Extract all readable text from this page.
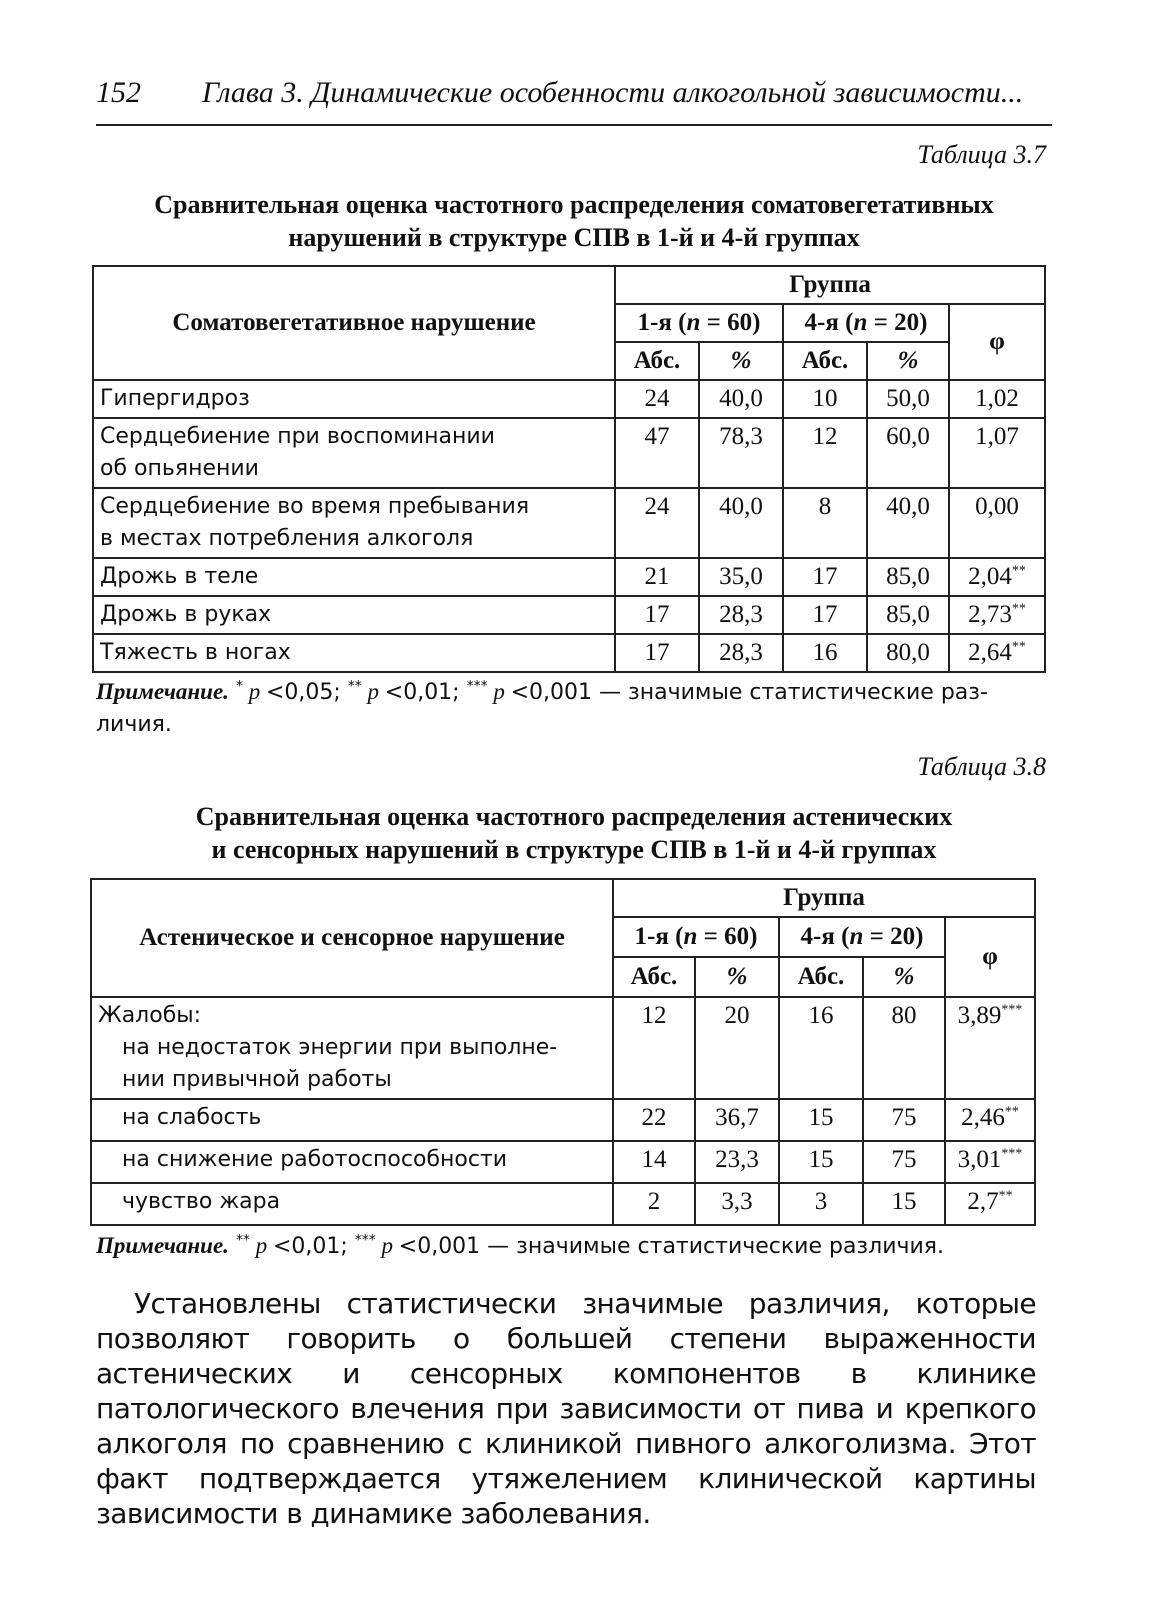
152 Глава 3. Динамические особенности алкогольной зависимости...
Таблица 3.7
Сравнительная оценка частотного распределения соматовегетативных
нарушений в структуре СПВ в 1-й и 4-й группах
Соматовегетативное нарушение	Группа				
	1-я (n = 60)		4-я (n = 20)		φ
	Абс.	%	Абс.	%	
Гипергидроз	24	40,0	10	50,0	1,02

Сердцебиение при воспоминании
об опьянении	47	78,3	12	60,0	1,07

Сердцебиение во время пребывания
в местах потребления алкоголя	24	40,0	8	40,0	0,00
Дрожь в теле	21	35,0	17	85,0	2,04**
Дрожь в руках	17	28,3	17	85,0	2,73**
Тяжесть в ногах	17	28,3	16	80,0	2,64**
Примечание. * p <0,05; ** p <0,01; *** p <0,001 — значимые статистические раз-
личия.
Таблица 3.8
Сравнительная оценка частотного распределения астенических
и сенсорных нарушений в структуре СПВ в 1-й и 4-й группах
Астеническое и сенсорное нарушение	Группа				
	1-я (n = 60)		4-я (n = 20)		φ
	Абс.	%	Абс.	%	

Жалобы:
на недостаток энергии при выполне-
нии привычной работы	12	20	16	80	3,89***
на слабость	22	36,7	15	75	2,46**
на снижение работоспособности	14	23,3	15	75	3,01***
чувство жара	2	3,3	3	15	2,7**
Примечание. ** p <0,01; *** p <0,001 — значимые статистические различия.
Установлены статистически значимые различия, которые позволяют говорить о большей степени выраженности астенических и сенсорных компонентов в клинике патологического влечения при зависимости от пива и крепкого алкоголя по сравнению с клиникой пивного алкоголизма. Этот факт подтверждается утяжелением клинической картины зависимости в динамике заболевания.
